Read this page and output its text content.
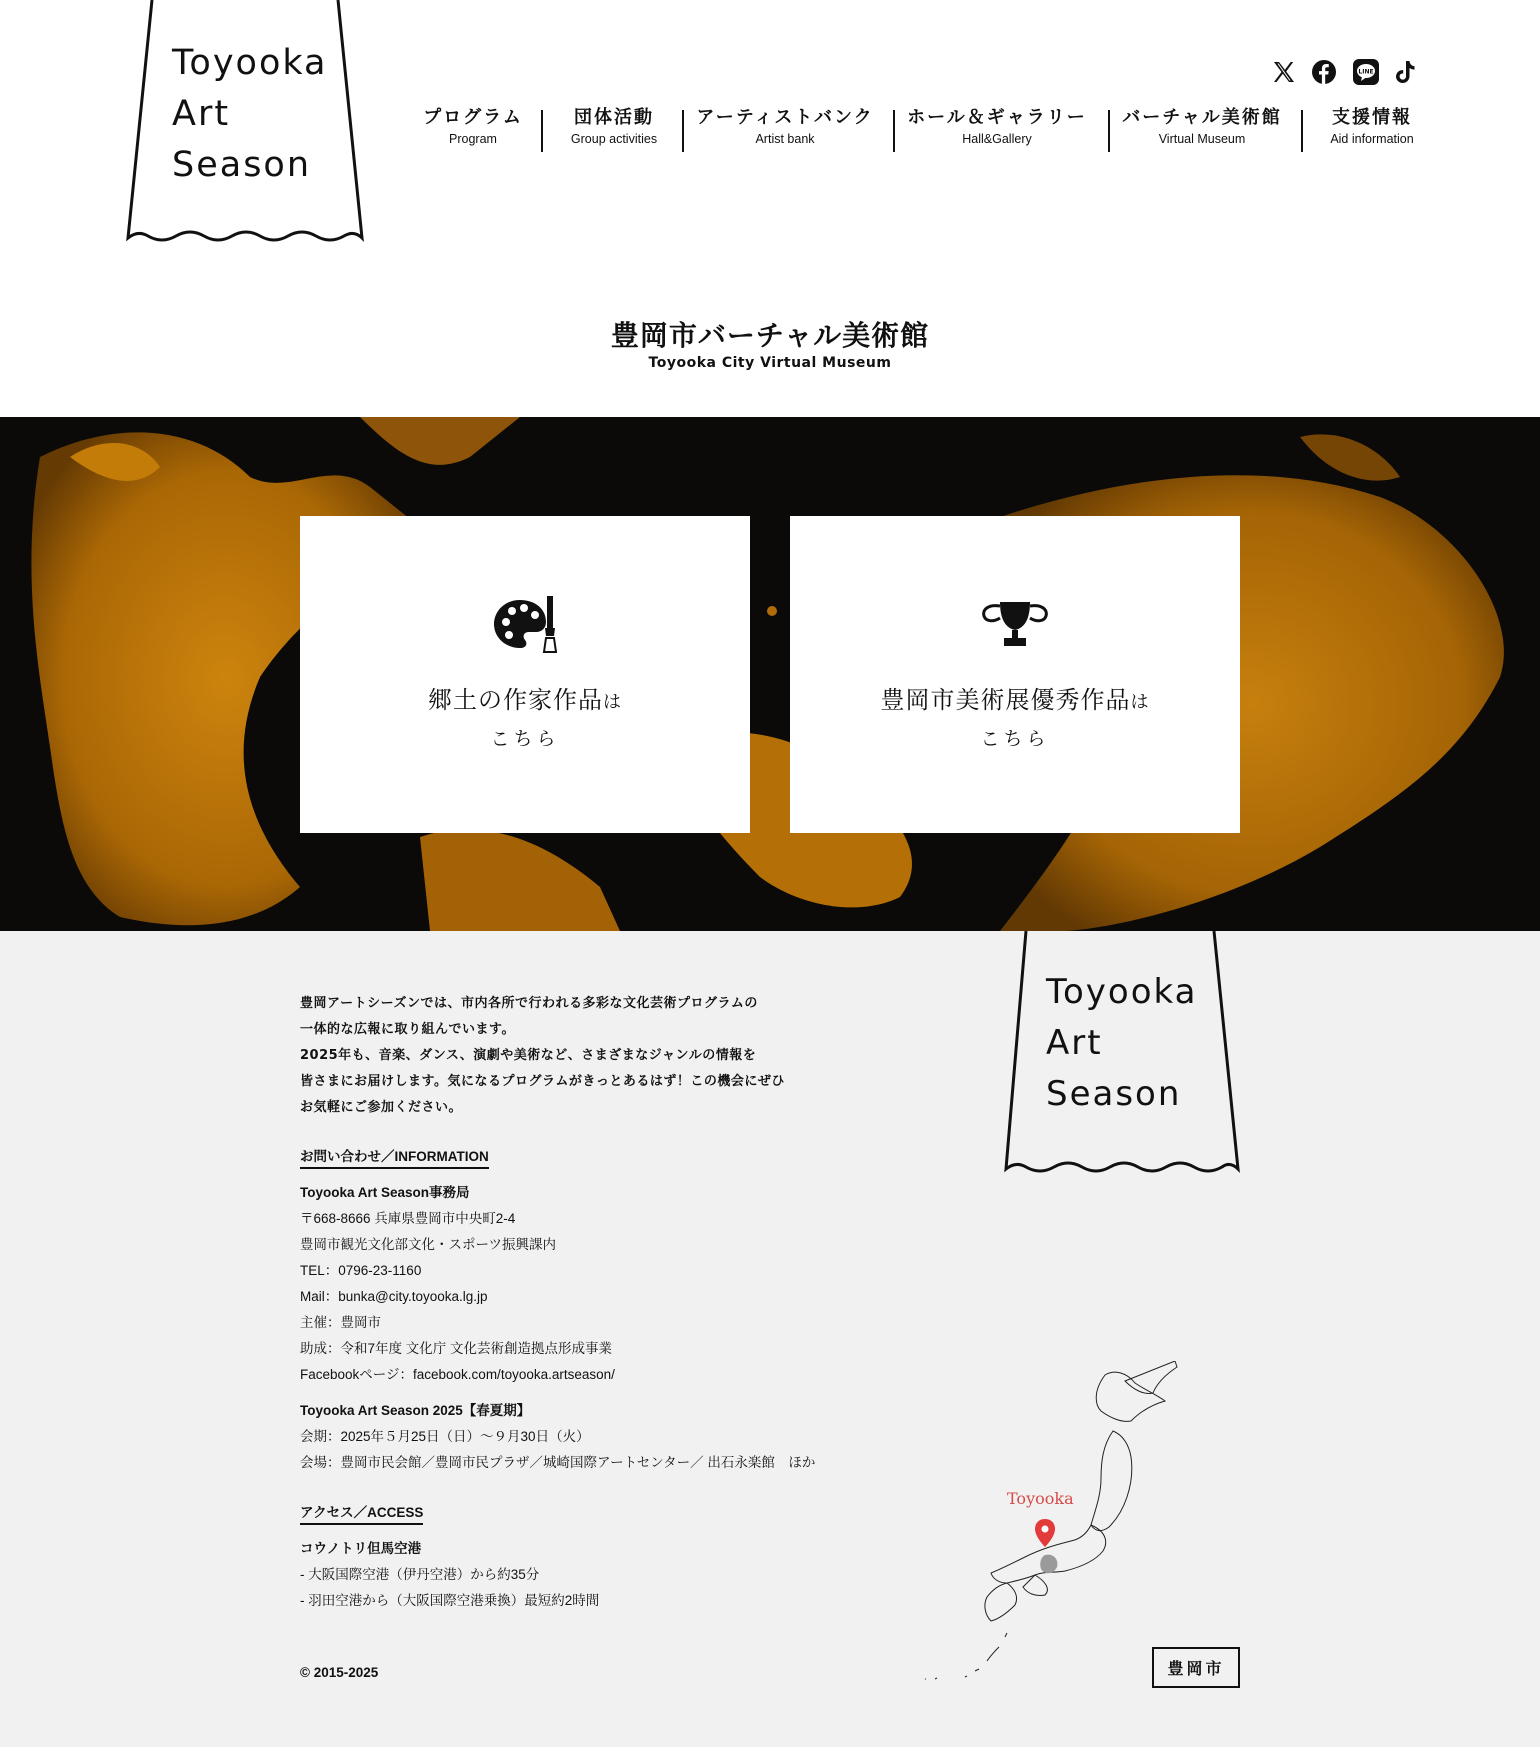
Toyooka
Art
Season
LINE
プログラム
Program
団体活動
Group activities
アーティストバンク
Artist bank
ホール＆ギャラリー
Hall&Gallery
バーチャル美術館
Virtual Museum
支援情報
Aid information
豊岡市バーチャル美術館
Toyooka City Virtual Museum
郷土の作家作品は
こちら
豊岡市美術展優秀作品は
こちら
豊岡アートシーズンでは、市内各所で行われる多彩な文化芸術プログラムの
一体的な広報に取り組んでいます。
2025年も、音楽、ダンス、演劇や美術など、さまざまなジャンルの情報を
皆さまにお届けします。気になるプログラムがきっとあるはず！この機会にぜひ
お気軽にご参加ください。
お問い合わせ／INFORMATION
Toyooka Art Season事務局
〒668-8666 兵庫県豊岡市中央町2-4
豊岡市観光文化部文化・スポーツ振興課内
TEL：0796-23-1160
Mail：bunka@city.toyooka.lg.jp
主催：豊岡市
助成：令和7年度 文化庁 文化芸術創造拠点形成事業
Facebookページ：facebook.com/toyooka.artseason/
Toyooka Art Season 2025【春夏期】
会期：2025年５月25日（日）～９月30日（火）
会場：豊岡市民会館／豊岡市民プラザ／城崎国際アートセンター／ 出石永楽館　ほか
アクセス／ACCESS
コウノトリ但馬空港
- 大阪国際空港（伊丹空港）から約35分
- 羽田空港から（大阪国際空港乗換）最短約2時間
© 2015-2025
Toyooka
Art
Season
Toyooka
豊岡市
